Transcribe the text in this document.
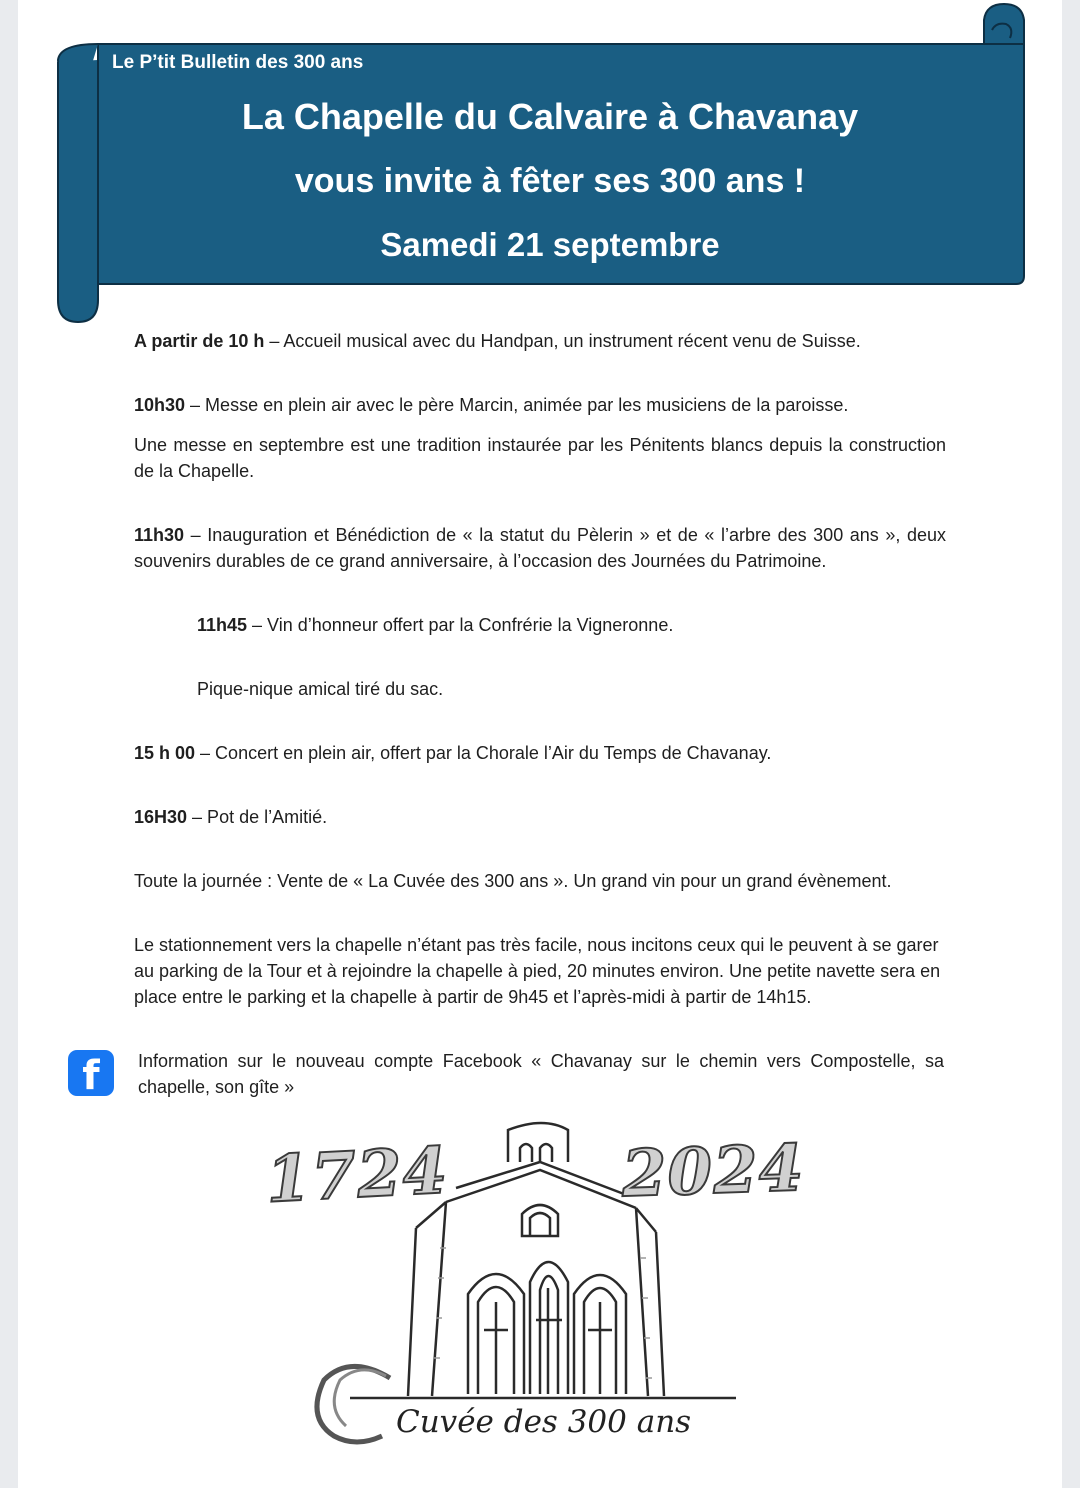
Le P’tit Bulletin des 300 ans
La Chapelle du Calvaire à Chavanay
vous invite à fêter ses 300 ans !
Samedi 21 septembre

A partir de 10 h – Accueil musical avec du Handpan, un instrument récent venu de Suisse.

10h30 – Messe en plein air avec le père Marcin, animée par les musiciens de la paroisse.

Une messe en septembre est une tradition instaurée par les Pénitents blancs depuis la construction de la Chapelle.

11h30 – Inauguration et Bénédiction de « la statut du Pèlerin » et de « l’arbre des 300 ans », deux souvenirs durables de ce grand anniversaire, à l’occasion des Journées du Patrimoine.

11h45 – Vin d’honneur offert par la Confrérie la Vigneronne.

Pique-nique amical tiré du sac.

15 h 00 – Concert en plein air, offert par la Chorale l’Air du Temps de Chavanay.

16H30 – Pot de l’Amitié.

Toute la journée : Vente de « La Cuvée des 300 ans ». Un grand vin pour un grand évènement.

Le stationnement vers la chapelle n’étant pas très facile, nous incitons ceux qui le peuvent à se garer au parking de la Tour et à rejoindre la chapelle à pied, 20 minutes environ. Une petite navette sera en place entre le parking et la chapelle à partir de 9h45 et l’après-midi à partir de 14h15.

f	Information sur le nouveau compte Facebook « Chavanay sur le chemin vers Compostelle, sa chapelle, son gîte »
1724	2024
Cuvée des 300 ans
